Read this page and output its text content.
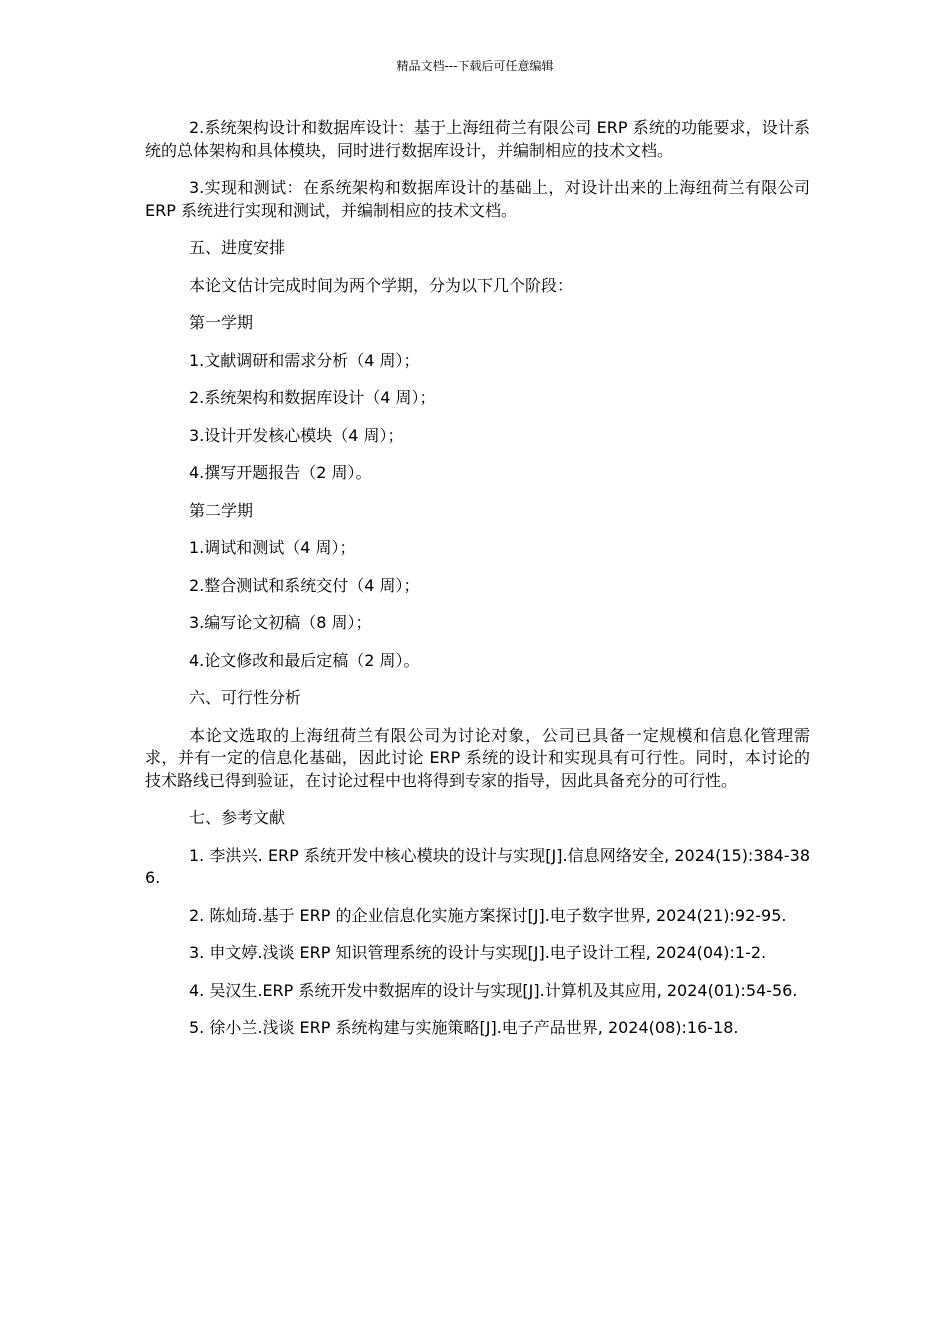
精品文档---下载后可任意编辑

2.系统架构设计和数据库设计：基于上海纽荷兰有限公司 ERP 系统的功能要求，设计系统的总体架构和具体模块，同时进行数据库设计，并编制相应的技术文档。

3.实现和测试：在系统架构和数据库设计的基础上，对设计出来的上海纽荷兰有限公司 ERP 系统进行实现和测试，并编制相应的技术文档。

五、进度安排

本论文估计完成时间为两个学期，分为以下几个阶段：

第一学期

1.文献调研和需求分析（4 周）；

2.系统架构和数据库设计（4 周）；

3.设计开发核心模块（4 周）；

4.撰写开题报告（2 周）。

第二学期

1.调试和测试（4 周）；

2.整合测试和系统交付（4 周）；

3.编写论文初稿（8 周）；

4.论文修改和最后定稿（2 周）。

六、可行性分析

本论文选取的上海纽荷兰有限公司为讨论对象，公司已具备一定规模和信息化管理需求，并有一定的信息化基础，因此讨论 ERP 系统的设计和实现具有可行性。同时，本讨论的技术路线已得到验证，在讨论过程中也将得到专家的指导，因此具备充分的可行性。

七、参考文献

1. 李洪兴. ERP 系统开发中核心模块的设计与实现[J].信息网络安全, 2024(15):384-386.

2. 陈灿琦.基于 ERP 的企业信息化实施方案探讨[J].电子数字世界, 2024(21):92-95.

3. 申文婷.浅谈 ERP 知识管理系统的设计与实现[J].电子设计工程, 2024(04):1-2.

4. 吴汉生.ERP 系统开发中数据库的设计与实现[J].计算机及其应用, 2024(01):54-56.

5. 徐小兰.浅谈 ERP 系统构建与实施策略[J].电子产品世界, 2024(08):16-18.
